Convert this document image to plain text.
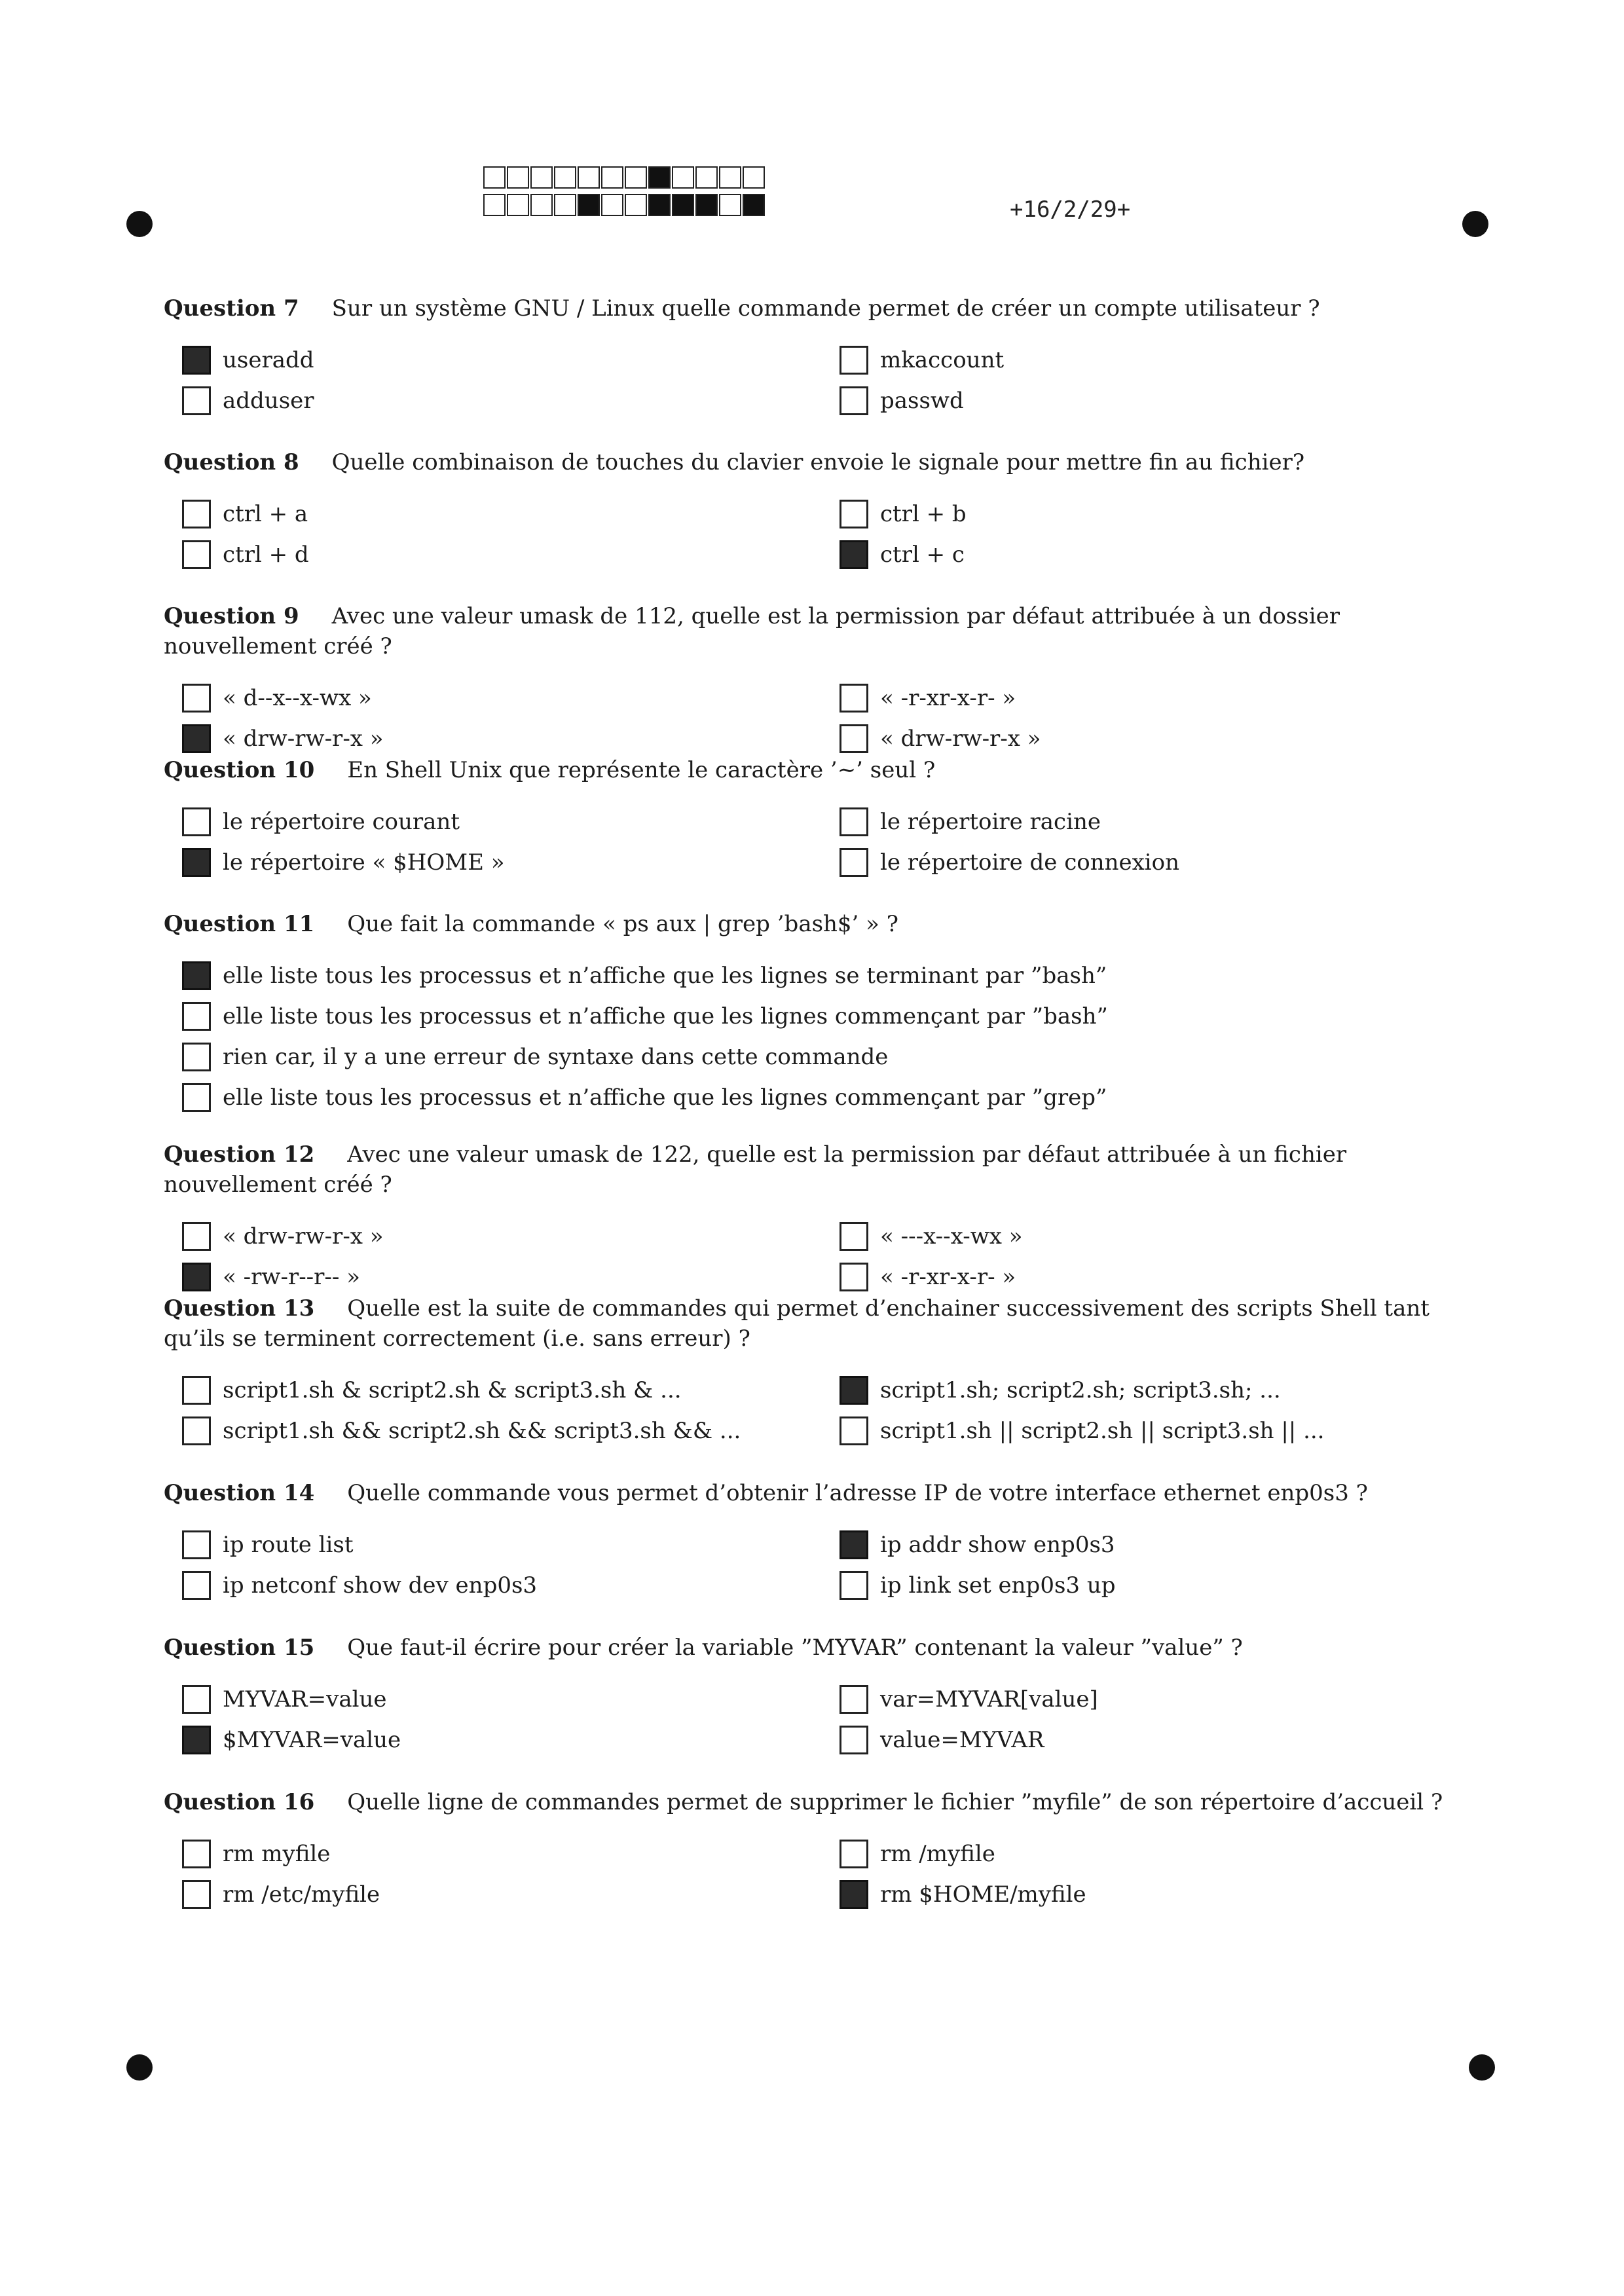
+16/2/29+
Question 7 Sur un système GNU / Linux quelle commande permet de créer un compte utilisateur ?
useradd	mkaccount
adduser	passwd
Question 8 Quelle combinaison de touches du clavier envoie le signale pour mettre fin au fichier?
ctrl + a	ctrl + b
ctrl + d	ctrl + c
Question 9 Avec une valeur umask de 112, quelle est la permission par défaut attribuée à un dossier nouvellement créé ?
« d--x--x-wx »	« -r-xr-x-r- »
« drw-rw-r-x »	« drw-rw-r-x »
Question 10 En Shell Unix que représente le caractère ’∼’ seul ?
le répertoire courant	le répertoire racine
le répertoire « $HOME »	le répertoire de connexion
Question 11 Que fait la commande « ps aux | grep ’bash$’ » ?
elle liste tous les processus et n’affiche que les lignes se terminant par ”bash”
elle liste tous les processus et n’affiche que les lignes commençant par ”bash”
rien car, il y a une erreur de syntaxe dans cette commande
elle liste tous les processus et n’affiche que les lignes commençant par ”grep”
Question 12 Avec une valeur umask de 122, quelle est la permission par défaut attribuée à un fichier nouvellement créé ?
« drw-rw-r-x »	« ---x--x-wx »
« -rw-r--r-- »	« -r-xr-x-r- »
Question 13 Quelle est la suite de commandes qui permet d’enchainer successivement des scripts Shell tant qu’ils se terminent correctement (i.e. sans erreur) ?
script1.sh & script2.sh & script3.sh & ...	script1.sh; script2.sh; script3.sh; ...
script1.sh && script2.sh && script3.sh && ...	script1.sh || script2.sh || script3.sh || ...
Question 14 Quelle commande vous permet d’obtenir l’adresse IP de votre interface ethernet enp0s3 ?
ip route list	ip addr show enp0s3
ip netconf show dev enp0s3	ip link set enp0s3 up
Question 15 Que faut-il écrire pour créer la variable ”MYVAR” contenant la valeur ”value” ?
MYVAR=value	var=MYVAR[value]
$MYVAR=value	value=MYVAR
Question 16 Quelle ligne de commandes permet de supprimer le fichier ”myfile” de son répertoire d’accueil ?
rm myfile	rm /myfile
rm /etc/myfile	rm $HOME/myfile
